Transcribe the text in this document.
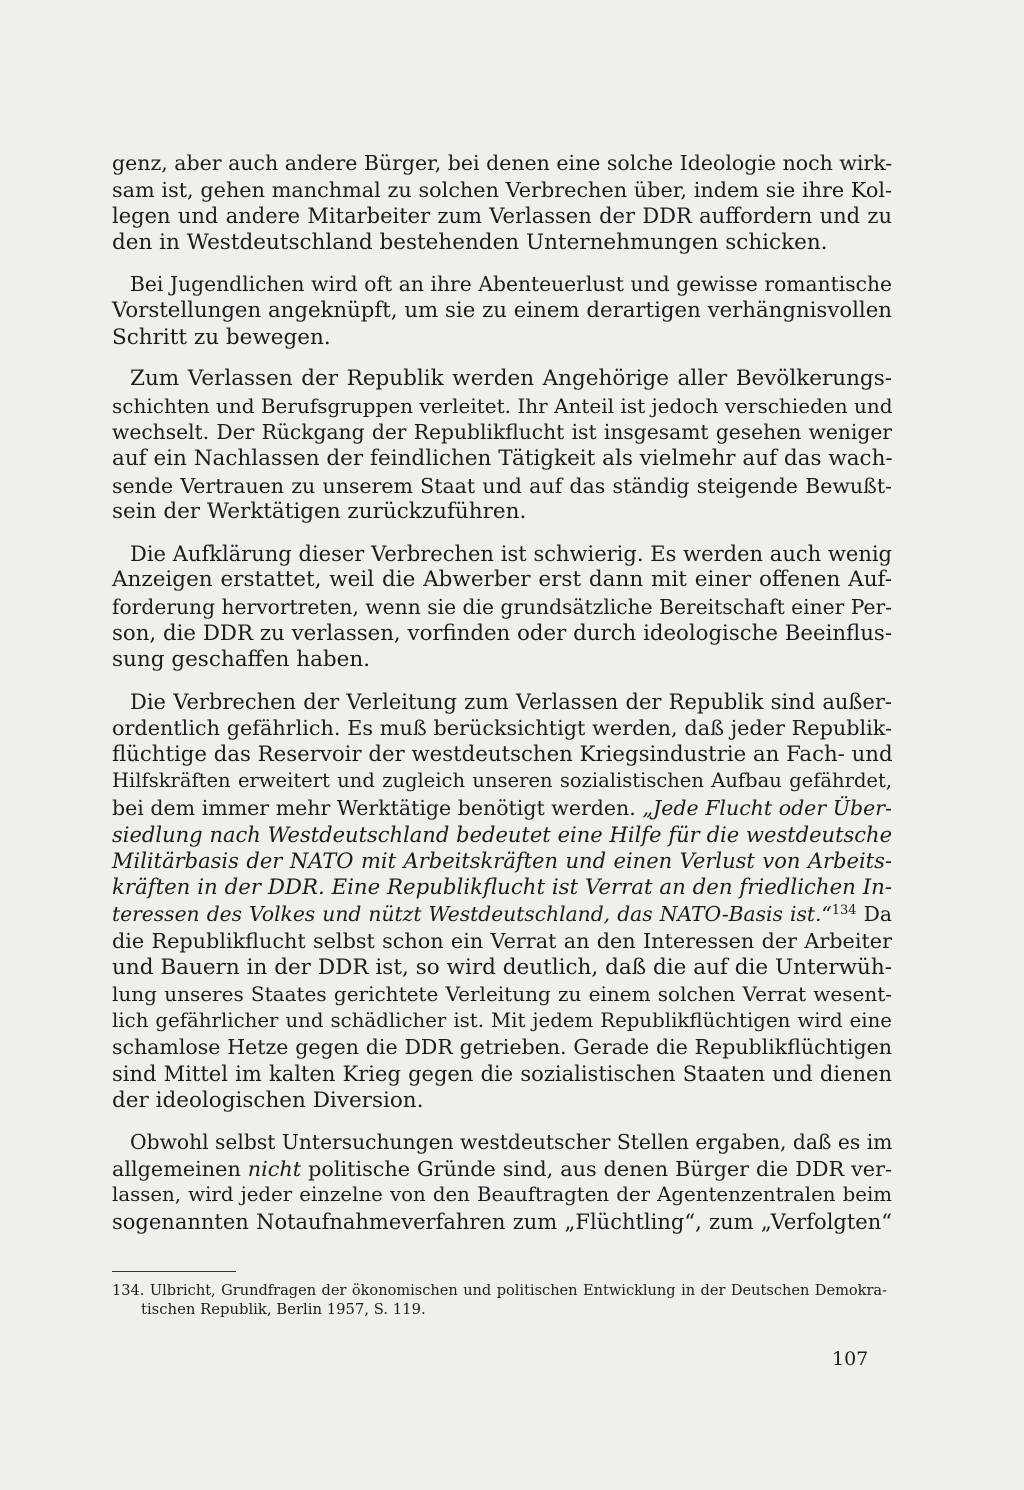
genz, aber auch andere Bürger, bei denen eine solche Ideologie noch wirk-
sam ist, gehen manchmal zu solchen Verbrechen über, indem sie ihre Kol-
legen und andere Mitarbeiter zum Verlassen der DDR auffordern und zu
den in Westdeutschland bestehenden Unternehmungen schicken.
Bei Jugendlichen wird oft an ihre Abenteuerlust und gewisse romantische
Vorstellungen angeknüpft, um sie zu einem derartigen verhängnisvollen
Schritt zu bewegen.
Zum Verlassen der Republik werden Angehörige aller Bevölkerungs-
schichten und Berufsgruppen verleitet. Ihr Anteil ist jedoch verschieden und
wechselt. Der Rückgang der Republikflucht ist insgesamt gesehen weniger
auf ein Nachlassen der feindlichen Tätigkeit als vielmehr auf das wach-
sende Vertrauen zu unserem Staat und auf das ständig steigende Bewußt-
sein der Werktätigen zurückzuführen.
Die Aufklärung dieser Verbrechen ist schwierig. Es werden auch wenig
Anzeigen erstattet, weil die Abwerber erst dann mit einer offenen Auf-
forderung hervortreten, wenn sie die grundsätzliche Bereitschaft einer Per-
son, die DDR zu verlassen, vorfinden oder durch ideologische Beeinflus-
sung geschaffen haben.
Die Verbrechen der Verleitung zum Verlassen der Republik sind außer-
ordentlich gefährlich. Es muß berücksichtigt werden, daß jeder Republik-
flüchtige das Reservoir der westdeutschen Kriegsindustrie an Fach- und
Hilfskräften erweitert und zugleich unseren sozialistischen Aufbau gefährdet,
bei dem immer mehr Werktätige benötigt werden. „Jede Flucht oder Über-
siedlung nach Westdeutschland bedeutet eine Hilfe für die westdeutsche
Militärbasis der NATO mit Arbeitskräften und einen Verlust von Arbeits-
kräften in der DDR. Eine Republikflucht ist Verrat an den friedlichen In-
teressen des Volkes und nützt Westdeutschland, das NATO-Basis ist.“$^{134}$ Da
die Republikflucht selbst schon ein Verrat an den Interessen der Arbeiter
und Bauern in der DDR ist, so wird deutlich, daß die auf die Unterwüh-
lung unseres Staates gerichtete Verleitung zu einem solchen Verrat wesent-
lich gefährlicher und schädlicher ist. Mit jedem Republikflüchtigen wird eine
schamlose Hetze gegen die DDR getrieben. Gerade die Republikflüchtigen
sind Mittel im kalten Krieg gegen die sozialistischen Staaten und dienen
der ideologischen Diversion.
Obwohl selbst Untersuchungen westdeutscher Stellen ergaben, daß es im
allgemeinen nicht politische Gründe sind, aus denen Bürger die DDR ver-
lassen, wird jeder einzelne von den Beauftragten der Agentenzentralen beim
sogenannten Notaufnahmeverfahren zum „Flüchtling“, zum „Verfolgten“
134. Ulbricht, Grundfragen der ökonomischen und politischen Entwicklung in der Deutschen Demokra-
tischen Republik, Berlin 1957, S. 119.
107
